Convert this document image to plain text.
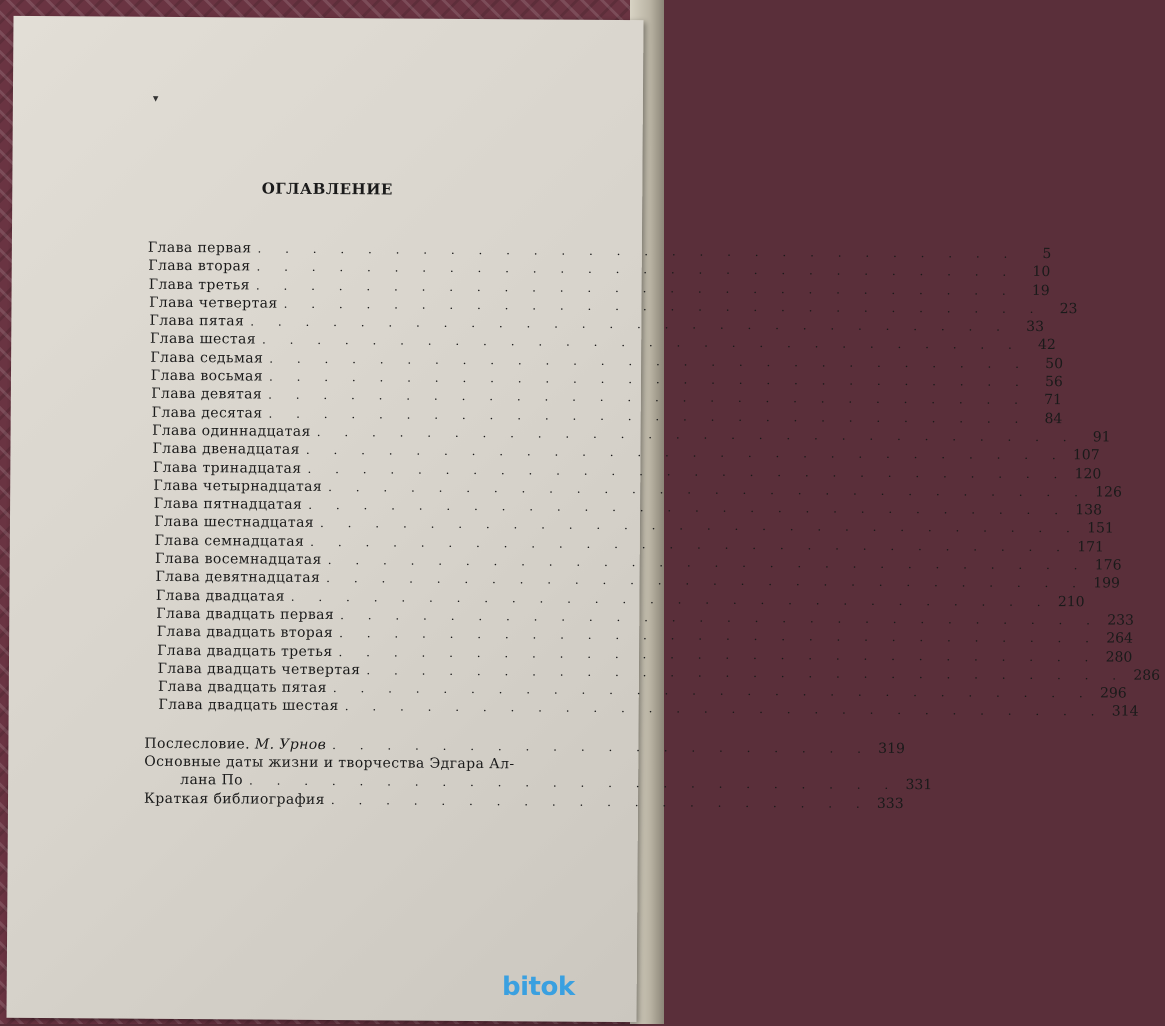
▾
ОГЛАВЛЕНИЕ
Глава первая . . . . . . . . . . . . . . . . . . . . . . . . . . . .	5
Глава вторая . . . . . . . . . . . . . . . . . . . . . . . . . . . .	10
Глава третья . . . . . . . . . . . . . . . . . . . . . . . . . . . .	19
Глава четвертая . . . . . . . . . . . . . . . . . . . . . . . . . . . .	23
Глава пятая . . . . . . . . . . . . . . . . . . . . . . . . . . . .	33
Глава шестая . . . . . . . . . . . . . . . . . . . . . . . . . . . .	42
Глава седьмая . . . . . . . . . . . . . . . . . . . . . . . . . . . .	50
Глава восьмая . . . . . . . . . . . . . . . . . . . . . . . . . . . .	56
Глава девятая . . . . . . . . . . . . . . . . . . . . . . . . . . . .	71
Глава десятая . . . . . . . . . . . . . . . . . . . . . . . . . . . .	84
Глава одиннадцатая . . . . . . . . . . . . . . . . . . . . . . . . . . . .	91
Глава двенадцатая . . . . . . . . . . . . . . . . . . . . . . . . . . . . 107
Глава тринадцатая . . . . . . . . . . . . . . . . . . . . . . . . . . . . 120
Глава четырнадцатая . . . . . . . . . . . . . . . . . . . . . . . . . . . . 126
Глава пятнадцатая . . . . . . . . . . . . . . . . . . . . . . . . . . . . 138
Глава шестнадцатая . . . . . . . . . . . . . . . . . . . . . . . . . . . . 151
Глава семнадцатая . . . . . . . . . . . . . . . . . . . . . . . . . . . . 171
Глава восемнадцатая . . . . . . . . . . . . . . . . . . . . . . . . . . . . 176
Глава девятнадцатая . . . . . . . . . . . . . . . . . . . . . . . . . . . . 199
Глава двадцатая . . . . . . . . . . . . . . . . . . . . . . . . . . . . 210
Глава двадцать первая . . . . . . . . . . . . . . . . . . . . . . . . . . . . 233
Глава двадцать вторая . . . . . . . . . . . . . . . . . . . . . . . . . . . . 264
Глава двадцать третья . . . . . . . . . . . . . . . . . . . . . . . . . . . . 280
Глава двадцать четвертая . . . . . . . . . . . . . . . . . . . . . . . . . . . . 286
Глава двадцать пятая . . . . . . . . . . . . . . . . . . . . . . . . . . . . 296
Глава двадцать шестая . . . . . . . . . . . . . . . . . . . . . . . . . . . . 314
Послесловие. М. Урнов . . . . . . . . . . . . . . . . . . . . 319
Основные даты жизни и творчества Эдгара Ал-
лана По . . . . . . . . . . . . . . . . . . . . . . . . 331
Краткая библиография . . . . . . . . . . . . . . . . . . . . 333
bitok
